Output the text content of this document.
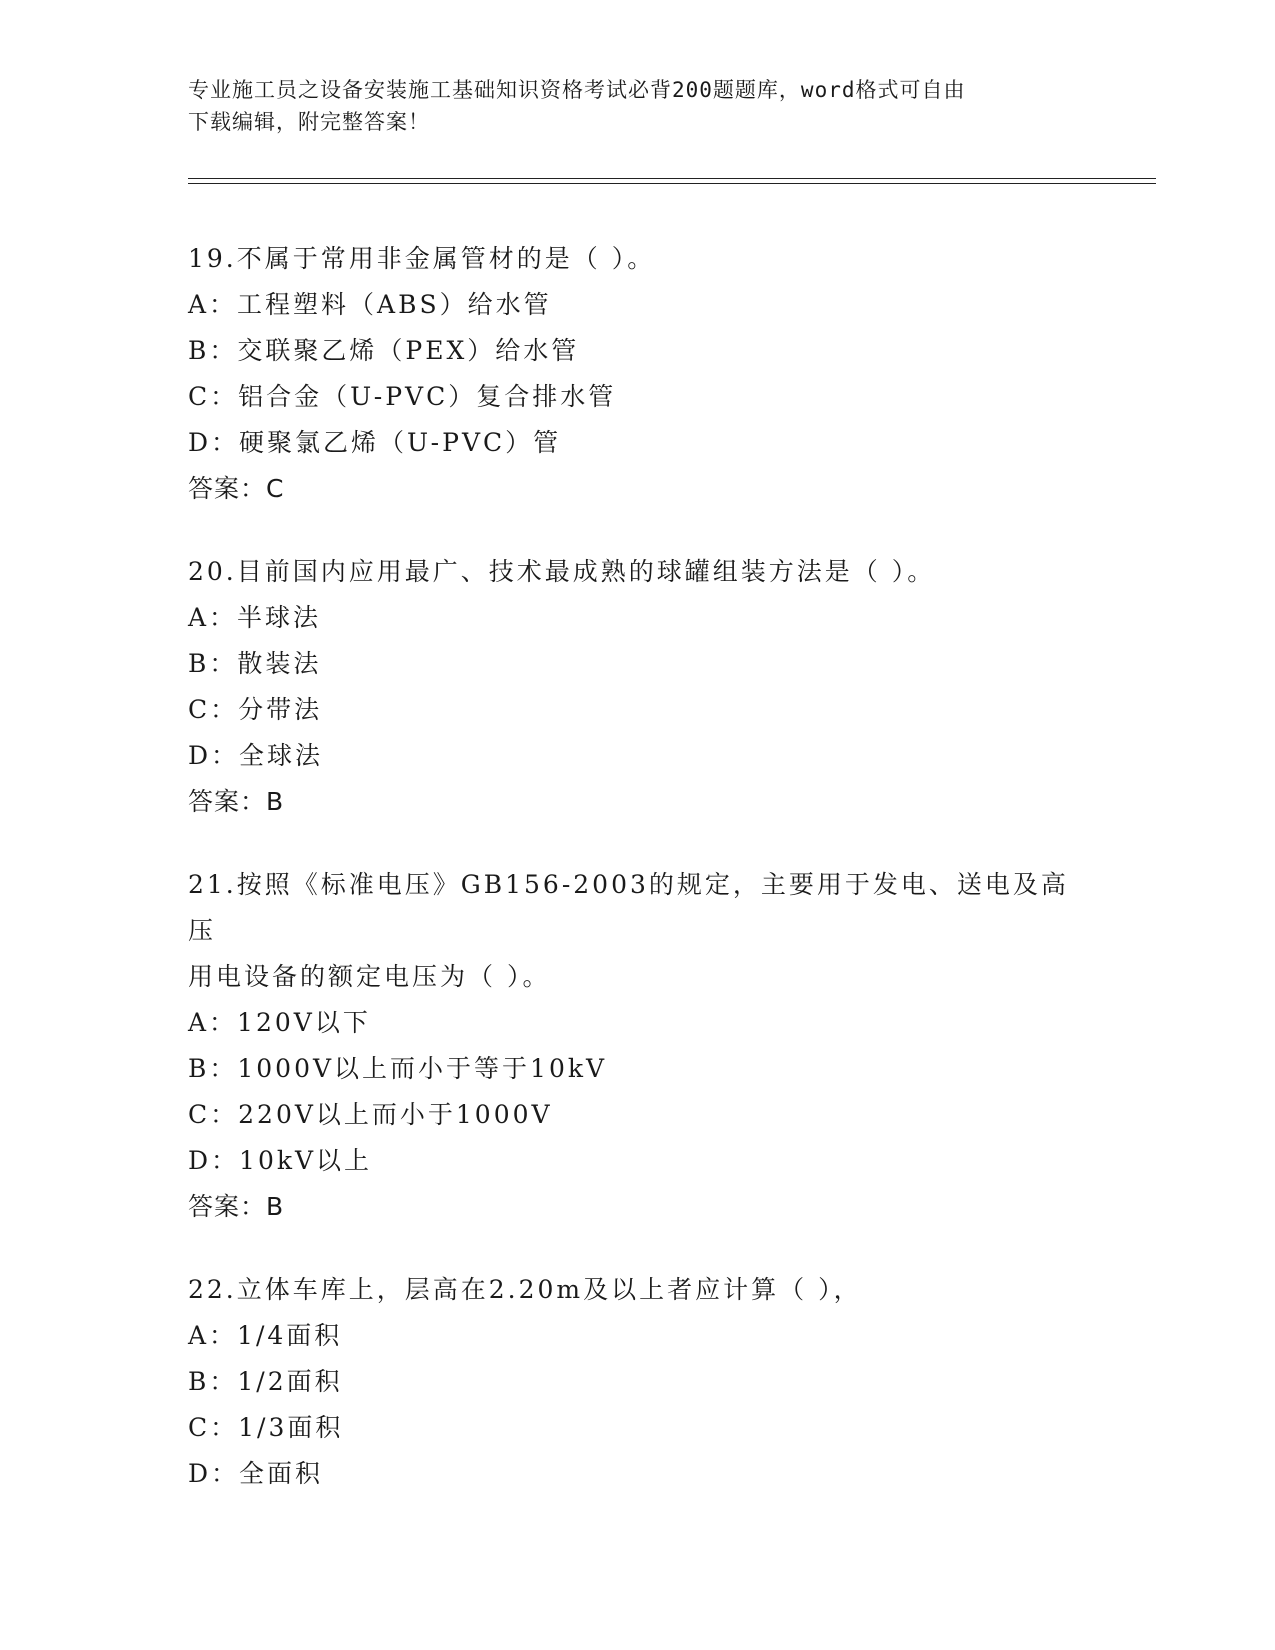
专业施工员之设备安装施工基础知识资格考试必背200题题库，word格式可自由
下载编辑，附完整答案！
19.不属于常用非金属管材的是（ ）。
A：工程塑料（ABS）给水管
B：交联聚乙烯（PEX）给水管
C：铝合金（U-PVC）复合排水管
D：硬聚氯乙烯（U-PVC）管
答案：C
20.目前国内应用最广、技术最成熟的球罐组装方法是（ ）。
A：半球法
B：散装法
C：分带法
D：全球法
答案：B
21.按照《标准电压》GB156-2003的规定，主要用于发电、送电及高压
用电设备的额定电压为（ ）。
A：120V以下
B：1000V以上而小于等于10kV
C：220V以上而小于1000V
D：10kV以上
答案：B
22.立体车库上，层高在2.20m及以上者应计算（ ），
A：1/4面积
B：1/2面积
C：1/3面积
D：全面积
